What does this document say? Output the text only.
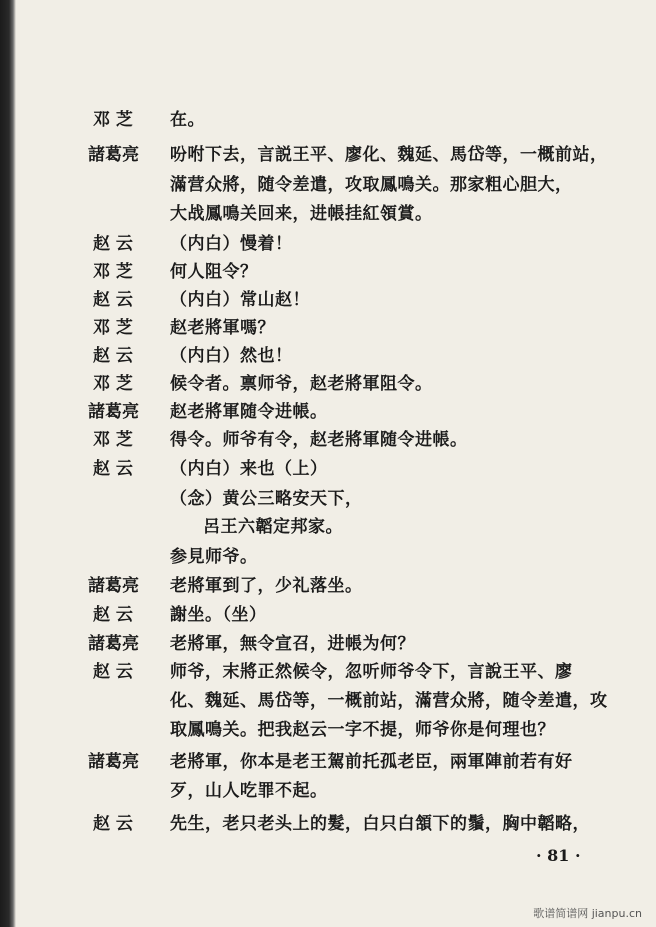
邓 芝 在。
諸葛亮 吩咐下去，言説王平、廖化、魏延、馬岱等，一概前站，
滿营众將，随令差遣，攻取鳳鳴关。那家粗心胆大，
大战鳳鳴关回来，进帳挂紅領賞。
赵 云 （内白）慢着！
邓 芝 何人阻令？
赵 云 （内白）常山赵！
邓 芝 赵老將軍嗎？
赵 云 （内白）然也！
邓 芝 候令者。禀师爷，赵老將軍阻令。
諸葛亮 赵老將軍随令进帳。
邓 芝 得令。师爷有令，赵老將軍随令进帳。
赵 云 （内白）来也（上）
（念）黄公三略安天下，
呂王六韜定邦家。
参見师爷。
諸葛亮 老將軍到了，少礼落坐。
赵 云 謝坐。（坐）
諸葛亮 老將軍，無令宣召，进帳为何？
赵 云 师爷，末將正然候令，忽听师爷令下，言說王平、廖
化、魏延、馬岱等，一概前站，滿营众將，随令差遣，攻
取鳳鳴关。把我赵云一字不提，师爷你是何理也？
諸葛亮 老將軍，你本是老王駕前托孤老臣，兩軍陣前若有好
歹，山人吃罪不起。
赵 云 先生，老只老头上的髮，白只白頷下的鬚，胸中韜略，
· 81 ·
歌谱简谱网 jianpu.cn
